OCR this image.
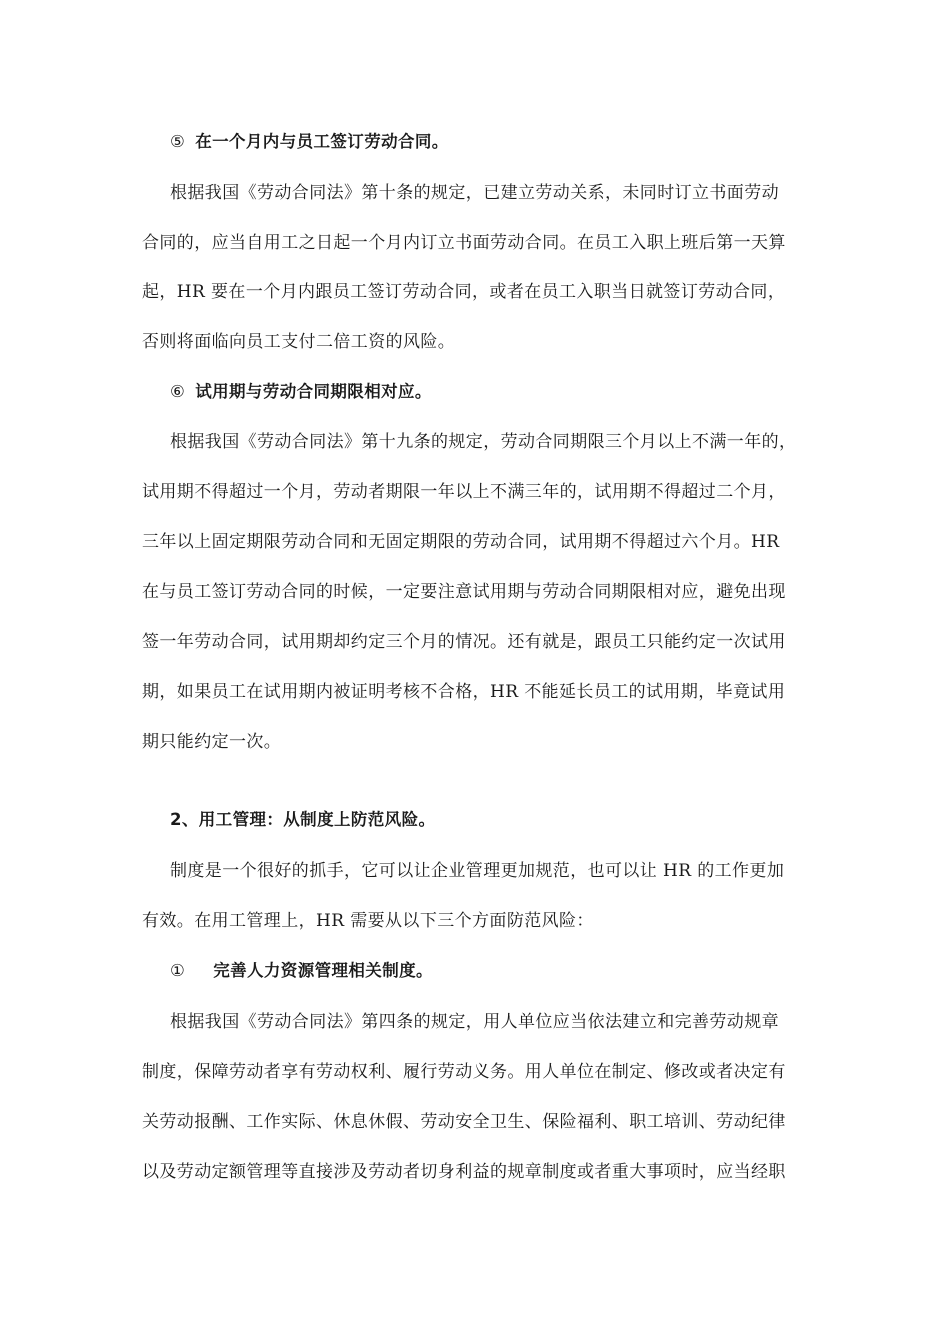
⑤ 在一个月内与员工签订劳动合同。
根据我国《劳动合同法》第十条的规定，已建立劳动关系，未同时订立书面劳动
合同的，应当自用工之日起一个月内订立书面劳动合同。在员工入职上班后第一天算
起，HR 要在一个月内跟员工签订劳动合同，或者在员工入职当日就签订劳动合同，
否则将面临向员工支付二倍工资的风险。
⑥ 试用期与劳动合同期限相对应。
根据我国《劳动合同法》第十九条的规定，劳动合同期限三个月以上不满一年的，
试用期不得超过一个月，劳动者期限一年以上不满三年的，试用期不得超过二个月，
三年以上固定期限劳动合同和无固定期限的劳动合同，试用期不得超过六个月。HR
在与员工签订劳动合同的时候，一定要注意试用期与劳动合同期限相对应，避免出现
签一年劳动合同，试用期却约定三个月的情况。还有就是，跟员工只能约定一次试用
期，如果员工在试用期内被证明考核不合格，HR 不能延长员工的试用期，毕竟试用
期只能约定一次。
2、用工管理：从制度上防范风险。
制度是一个很好的抓手，它可以让企业管理更加规范，也可以让 HR 的工作更加
有效。在用工管理上，HR 需要从以下三个方面防范风险：
① 完善人力资源管理相关制度。
根据我国《劳动合同法》第四条的规定，用人单位应当依法建立和完善劳动规章
制度，保障劳动者享有劳动权利、履行劳动义务。用人单位在制定、修改或者决定有
关劳动报酬、工作实际、休息休假、劳动安全卫生、保险福利、职工培训、劳动纪律
以及劳动定额管理等直接涉及劳动者切身利益的规章制度或者重大事项时，应当经职
